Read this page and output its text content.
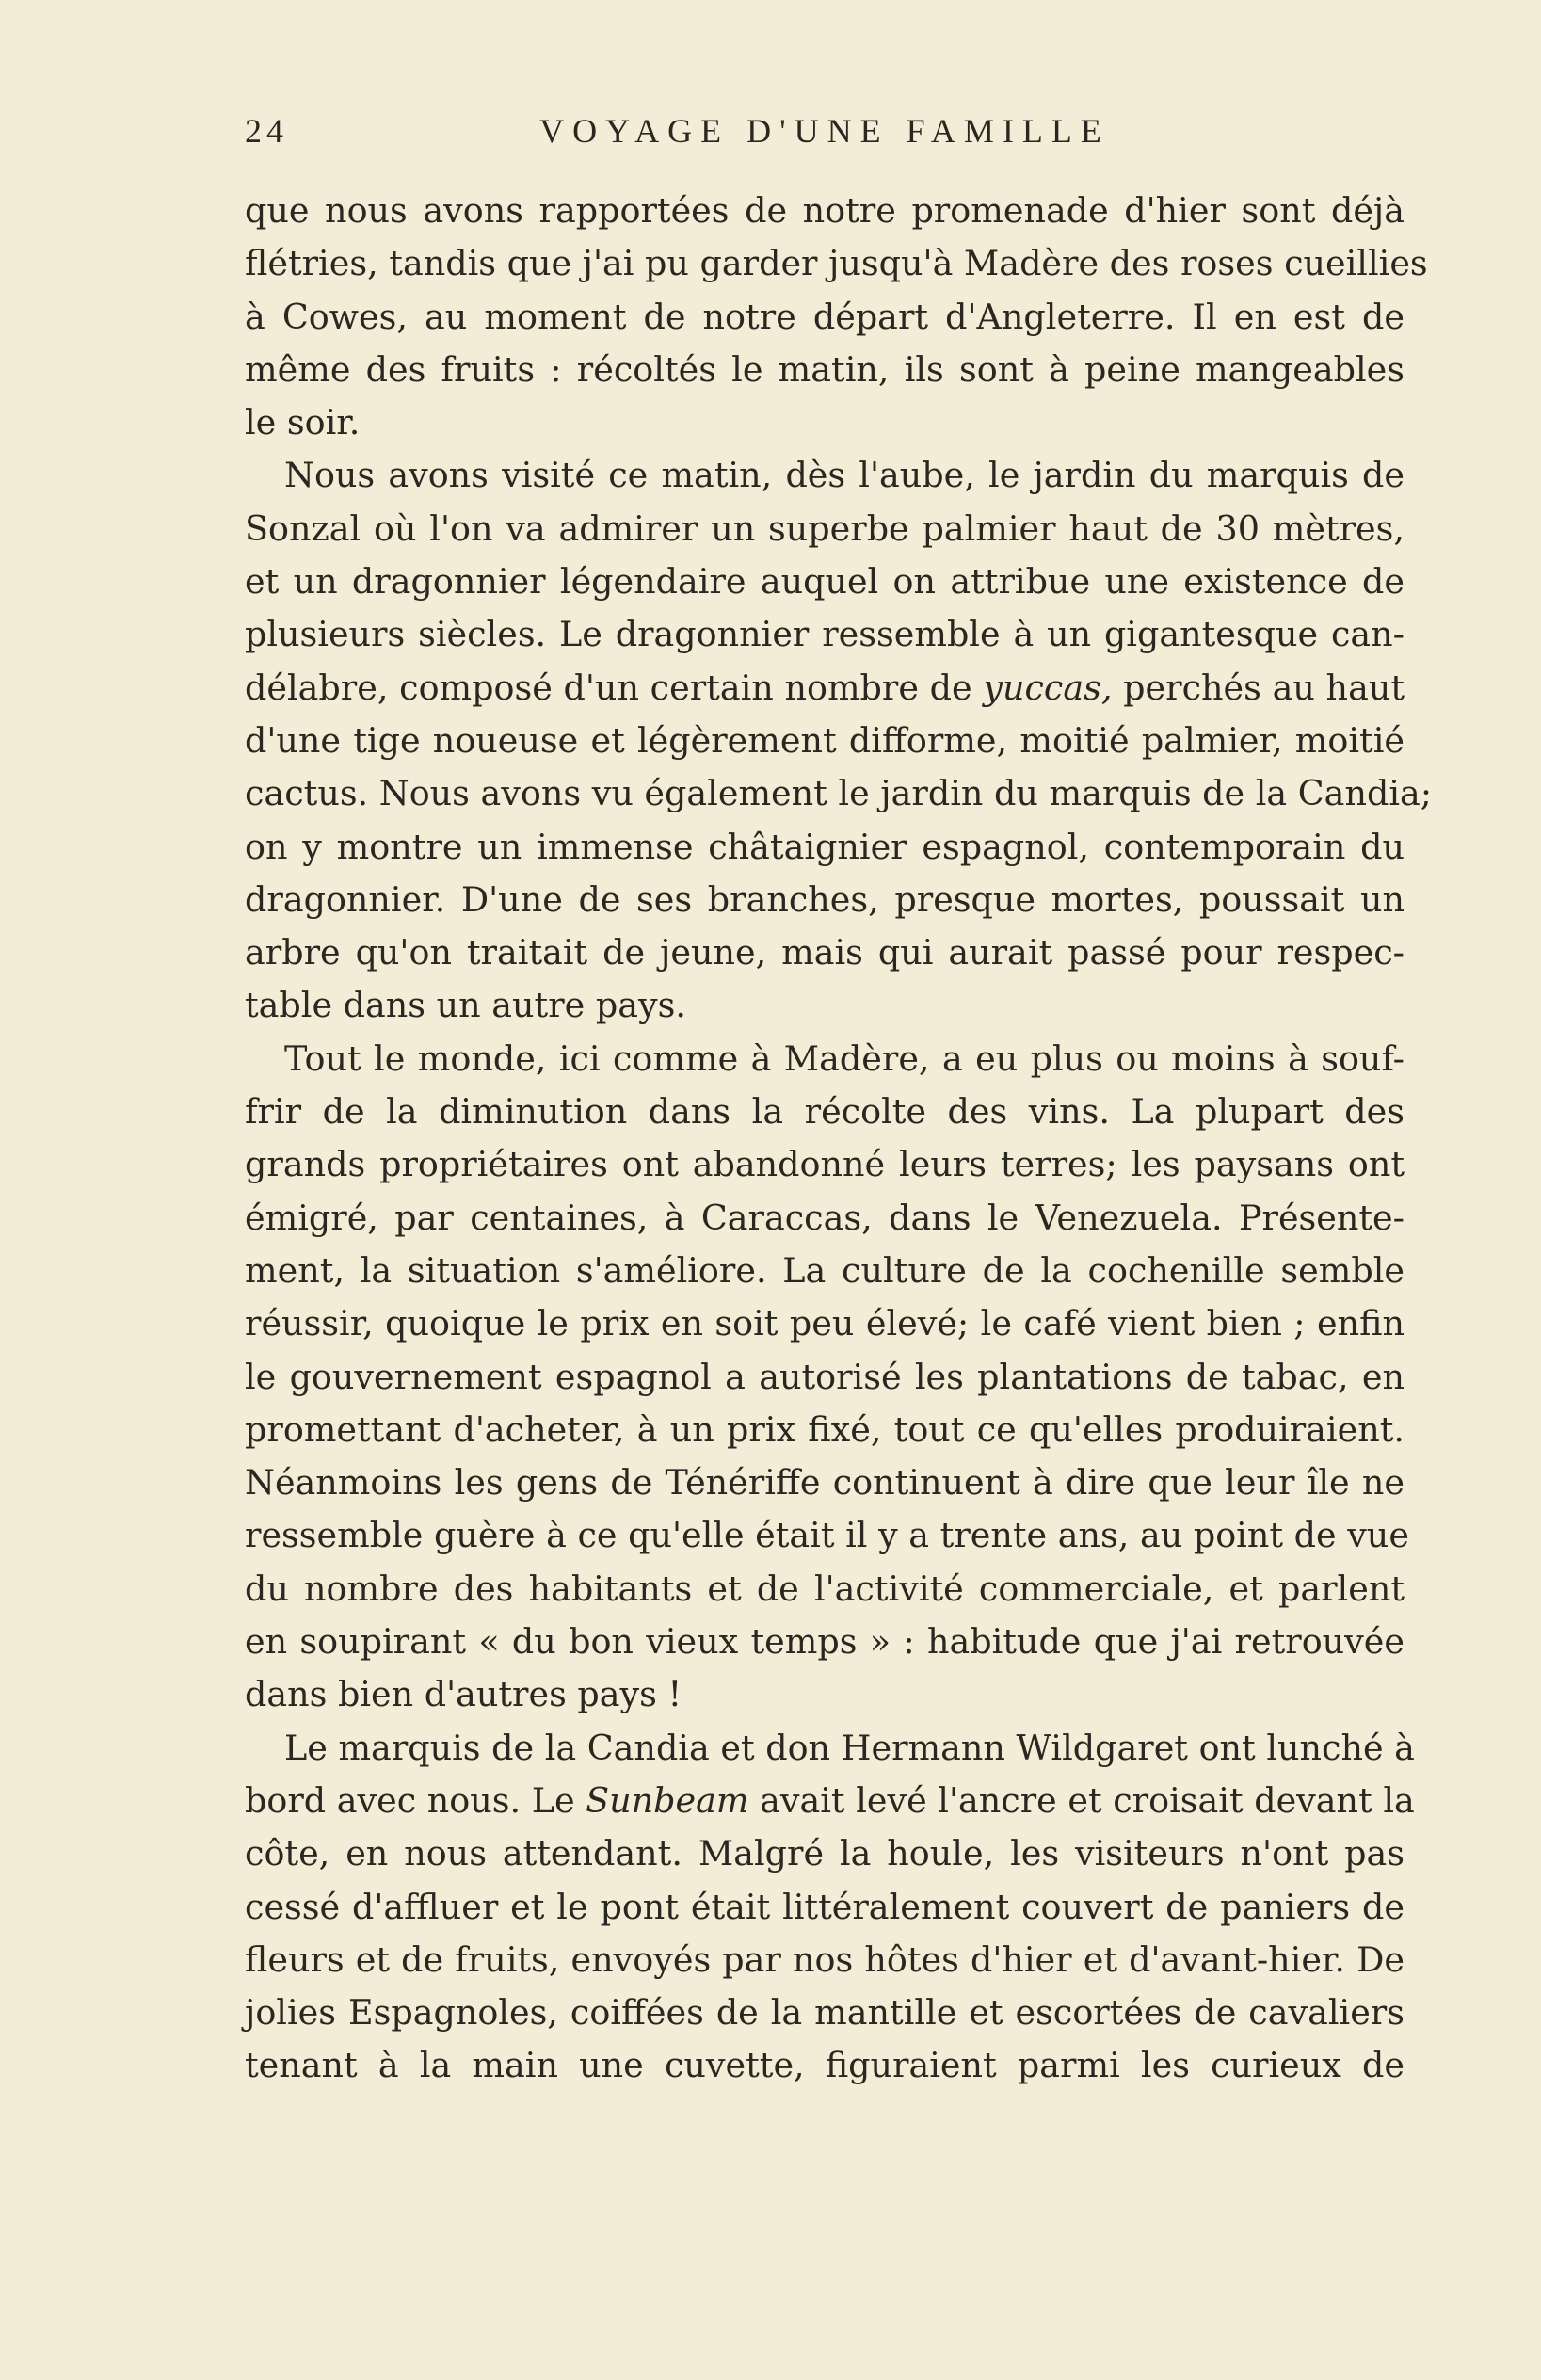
24	VOYAGE D'UNE FAMILLE
que nous avons rapportées de notre promenade d'hier sont déjà
flétries, tandis que j'ai pu garder jusqu'à Madère des roses cueillies
à Cowes, au moment de notre départ d'Angleterre. Il en est de
même des fruits : récoltés le matin, ils sont à peine mangeables
le soir.
Nous avons visité ce matin, dès l'aube, le jardin du marquis de
Sonzal où l'on va admirer un superbe palmier haut de 30 mètres,
et un dragonnier légendaire auquel on attribue une existence de
plusieurs siècles. Le dragonnier ressemble à un gigantesque can-
délabre, composé d'un certain nombre de yuccas, perchés au haut
d'une tige noueuse et légèrement difforme, moitié palmier, moitié
cactus. Nous avons vu également le jardin du marquis de la Candia;
on y montre un immense châtaignier espagnol, contemporain du
dragonnier. D'une de ses branches, presque mortes, poussait un
arbre qu'on traitait de jeune, mais qui aurait passé pour respec-
table dans un autre pays.
Tout le monde, ici comme à Madère, a eu plus ou moins à souf-
frir de la diminution dans la récolte des vins. La plupart des
grands propriétaires ont abandonné leurs terres; les paysans ont
émigré, par centaines, à Caraccas, dans le Venezuela. Présente-
ment, la situation s'améliore. La culture de la cochenille semble
réussir, quoique le prix en soit peu élevé; le café vient bien ; enfin
le gouvernement espagnol a autorisé les plantations de tabac, en
promettant d'acheter, à un prix fixé, tout ce qu'elles produiraient.
Néanmoins les gens de Ténériffe continuent à dire que leur île ne
ressemble guère à ce qu'elle était il y a trente ans, au point de vue
du nombre des habitants et de l'activité commerciale, et parlent
en soupirant « du bon vieux temps » : habitude que j'ai retrouvée
dans bien d'autres pays !
Le marquis de la Candia et don Hermann Wildgaret ont lunché à
bord avec nous. Le Sunbeam avait levé l'ancre et croisait devant la
côte, en nous attendant. Malgré la houle, les visiteurs n'ont pas
cessé d'affluer et le pont était littéralement couvert de paniers de
fleurs et de fruits, envoyés par nos hôtes d'hier et d'avant-hier. De
jolies Espagnoles, coiffées de la mantille et escortées de cavaliers
tenant à la main une cuvette, figuraient parmi les curieux de
